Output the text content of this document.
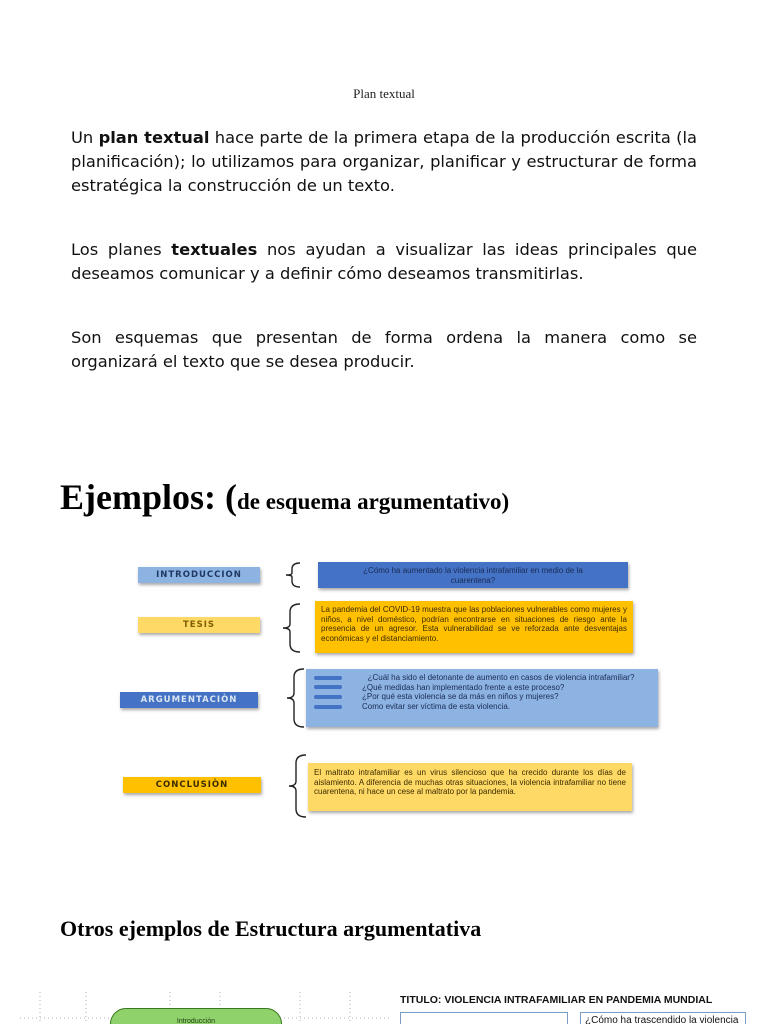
Plan textual
Un plan textual hace parte de la primera etapa de la producción escrita (la planificación); lo utilizamos para organizar, planificar y estructurar de forma estratégica la construcción de un texto.
Los planes textuales nos ayudan a visualizar las ideas principales que deseamos comunicar y a definir cómo deseamos transmitirlas.
Son esquemas que presentan de forma ordena la manera como se organizará el texto que se desea producir.
Ejemplos: (de esquema argumentativo)
INTRODUCCION	¿Cómo ha aumentado la violencia intrafamiliar en medio de la cuarentena?
TESIS
La pandemia del COVID-19 muestra que las poblaciones vulnerables como mujeres y niños, a nivel doméstico, podrían encontrarse en situaciones de riesgo ante la presencia de un agresor. Esta vulnerabilidad se ve reforzada ante desventajas económicas y el distanciamiento.
ARGUMENTACIÒN
¿Cuál ha sido el detonante de aumento en casos de violencia intrafamiliar?
¿Qué medidas han implementado frente a este proceso?
¿Por qué esta violencia se da más en niños y mujeres?
Como evitar ser víctima de esta violencia.
CONCLUSIÒN
El maltrato intrafamiliar es un virus silencioso que ha crecido durante los días de aislamiento. A diferencia de muchas otras situaciones, la violencia intrafamiliar no tiene cuarentena, ni hace un cese al maltrato por la pandemia.
Otros ejemplos de Estructura argumentativa
Introducción
TITULO: VIOLENCIA INTRAFAMILIAR EN PANDEMIA MUNDIAL
¿Cómo ha trascendido la violencia
